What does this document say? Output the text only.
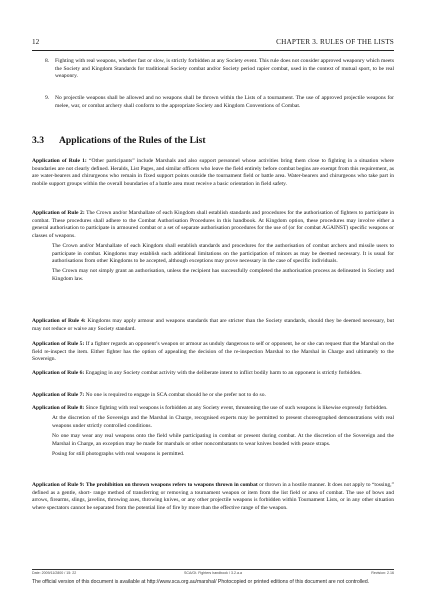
12	CHAPTER 3. RULES OF THE LISTS
8. Fighting with real weapons, whether fast or slow, is strictly forbidden at any Society event. This rule does not consider approved weaponry which meets the Society and Kingdom Standards for traditional Society combat and/or Society period rapier combat, used in the context of mutual sport, to be real weaponry.
9. No projectile weapons shall be allowed and no weapons shall be thrown within the Lists of a tournament. The use of approved projectile weapons for melee, war, or combat archery shall conform to the appropriate Society and Kingdom Conventions of Combat.
3.3 Applications of the Rules of the List

Application of Rule 1: “Other participants” include Marshals and also support personnel whose activities bring them close to fighting in a situation where boundaries are not clearly defined. Heralds, List Pages, and similar officers who leave the field entirely before combat begins are exempt from this requirement, as are water-bearers and chirurgeons who remain in fixed support points outside the tournament field or battle area. Water-bearers and chirurgeons who take part in mobile support groups within the overall boundaries of a battle area must receive a basic orientation in field safety.

Application of Rule 2: The Crown and/or Marshallate of each Kingdom shall establish standards and procedures for the authorisation of fighters to participate in combat. These procedures shall adhere to the Combat Authorisation Procedures in this handbook. At Kingdom option, these procedures may involve either a general authorisation to participate in armoured combat or a set of separate authorisation procedures for the use of (or for combat AGAINST) specific weapons or classes of weapons.

The Crown and/or Marshallate of each Kingdom shall establish standards and procedures for the authorisation of combat archers and missile users to participate in combat. Kingdoms may establish such additional limitations on the participation of minors as may be deemed necessary. It is usual for authorisations from other Kingdoms to be accepted, although exceptions may prove necessary in the case of specific individuals.

The Crown may not simply grant an authorisation, unless the recipient has successfully completed the authorisation process as delineated in Society and Kingdom law.

Application of Rule 4: Kingdoms may apply armour and weapons standards that are stricter than the Society standards, should they be deemed necessary, but may not reduce or waive any Society standard.

Application of Rule 5: If a fighter regards an opponent’s weapon or armour as unduly dangerous to self or opponent, he or she can request that the Marshal on the field re-inspect the item. Either fighter has the option of appealing the decision of the re-inspection Marshal to the Marshal in Charge and ultimately to the Sovereign.

Application of Rule 6: Engaging in any Society combat activity with the deliberate intent to inflict bodily harm to an opponent is strictly forbidden.

Application of Rule 7: No one is required to engage in SCA combat should he or she prefer not to do so.

Application of Rule 8: Since fighting with real weapons is forbidden at any Society event, threatening the use of such weapons is likewise expressly forbidden.

At the discretion of the Sovereign and the Marshal in Charge, recognised experts may be permitted to present choreographed demonstrations with real weapons under strictly controlled conditions.

No one may wear any real weapons onto the field while participating in combat or present during combat. At the discretion of the Sovereign and the Marshal in Charge, an exception may be made for marshals or other noncombatants to wear knives bonded with peace straps.

Posing for still photographs with real weapons is permitted.

Application of Rule 9: The prohibition on thrown weapons refers to weapons thrown in combat or thrown in a hostile manner. It does not apply to “tossing,” defined as a gentle, short- range method of transferring or removing a tournament weapon or item from the list field or area of combat. The use of bows and arrows, firearms, slings, javelins, throwing axes, throwing knives, or any other projectile weapons is forbidden within Tournament Lists, or in any other situation where spectators cannot be separated from the potential line of fire by more than the effective range of the weapon.

Date: 2009/11/2800 / 15: 22	SCA/Gt. Fighters handbook / 3.2.a.a	Revision: 2.16
The official version of this document is available at http://www.sca.org.au/marshal/ Photocopied or printed editions of this document are not controlled.
